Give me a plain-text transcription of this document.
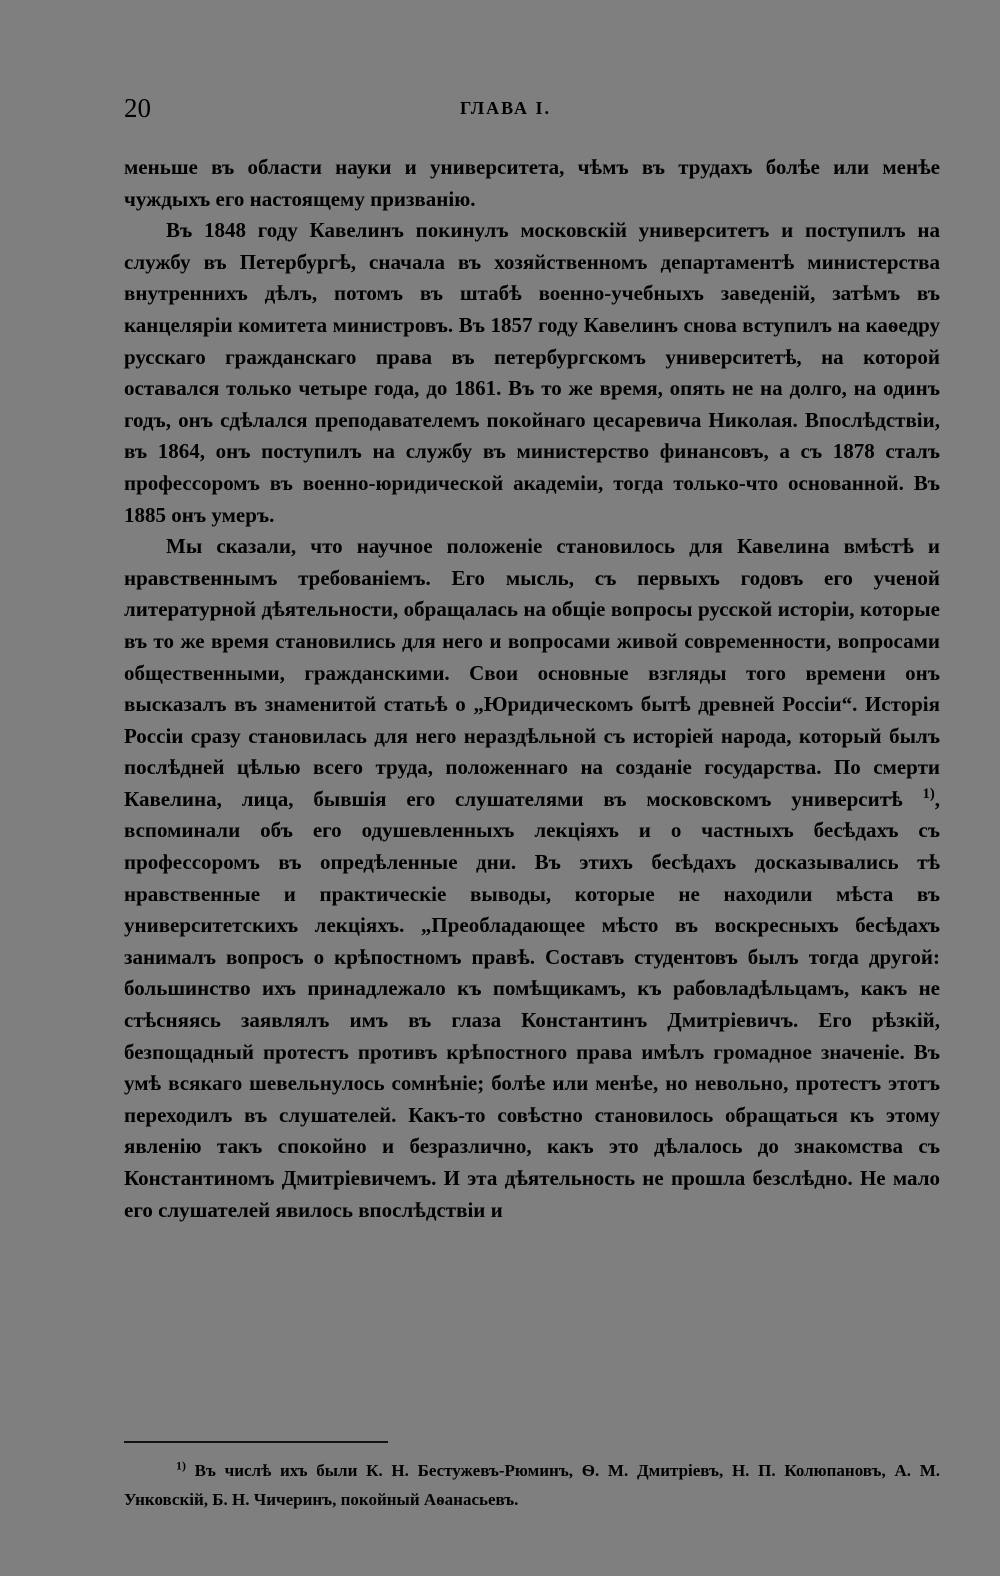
20	ГЛАВА I.

меньше въ области науки и университета, чѣмъ въ трудахъ болѣе или менѣе чуждыхъ его настоящему призванію.

Въ 1848 году Кавелинъ покинулъ московскій университетъ и поступилъ на службу въ Петербургѣ, сначала въ хозяйственномъ департаментѣ министерства внутреннихъ дѣлъ, потомъ въ штабѣ военно-учебныхъ заведеній, затѣмъ въ канцеляріи комитета министровъ. Въ 1857 году Кавелинъ снова вступилъ на каѳедру русскаго гражданскаго права въ петербургскомъ университетѣ, на которой оставался только четыре года, до 1861. Въ то же время, опять не на долго, на одинъ годъ, онъ сдѣлался преподавателемъ покойнаго цесаревича Николая. Впослѣдствіи, въ 1864, онъ поступилъ на службу въ министерство финансовъ, а съ 1878 сталъ профессоромъ въ военно-юридической академіи, тогда только-что основанной. Въ 1885 онъ умеръ.

Мы сказали, что научное положеніе становилось для Кавелина вмѣстѣ и нравственнымъ требованіемъ. Его мысль, съ первыхъ годовъ его ученой литературной дѣятельности, обращалась на общіе вопросы русской исторіи, которые въ то же время становились для него и вопросами живой современности, вопросами общественными, гражданскими. Свои основные взгляды того времени онъ высказалъ въ знаменитой статьѣ о „Юридическомъ бытѣ древней Россіи“. Исторія Россіи сразу становилась для него нераздѣльной съ исторіей народа, который былъ послѣдней цѣлью всего труда, положеннаго на созданіе государства. По смерти Кавелина, лица, бывшія его слушателями въ московскомъ университѣ $^{1)}$, вспоминали объ его одушевленныхъ лекціяхъ и о частныхъ бесѣдахъ съ профессоромъ въ опредѣленные дни. Въ этихъ бесѣдахъ досказывались тѣ нравственные и практическіе выводы, которые не находили мѣста въ университетскихъ лекціяхъ. „Преобладающее мѣсто въ воскресныхъ бесѣдахъ занималъ вопросъ о крѣпостномъ правѣ. Составъ студентовъ былъ тогда другой: большинство ихъ принадлежало къ помѣщикамъ, къ рабовладѣльцамъ, какъ не стѣсняясь заявлялъ имъ въ глаза Константинъ Дмитріевичъ. Его рѣзкій, безпощадный протестъ противъ крѣпостного права имѣлъ громадное значеніе. Въ умѣ всякаго шевельнулось сомнѣніе; болѣе или менѣе, но невольно, протестъ этотъ переходилъ въ слушателей. Какъ-то совѣстно становилось обращаться къ этому явленію такъ спокойно и безразлично, какъ это дѣлалось до знакомства съ Константиномъ Дмитріевичемъ. И эта дѣятельность не прошла безслѣдно. Не мало его слушателей явилось впослѣдствіи и

$^{1)}$ Въ числѣ ихъ были К. Н. Бестужевъ-Рюминъ, Ѳ. М. Дмитріевъ, Н. П. Колюпановъ, А. М. Унковскій, Б. Н. Чичеринъ, покойный Аѳанасьевъ.
